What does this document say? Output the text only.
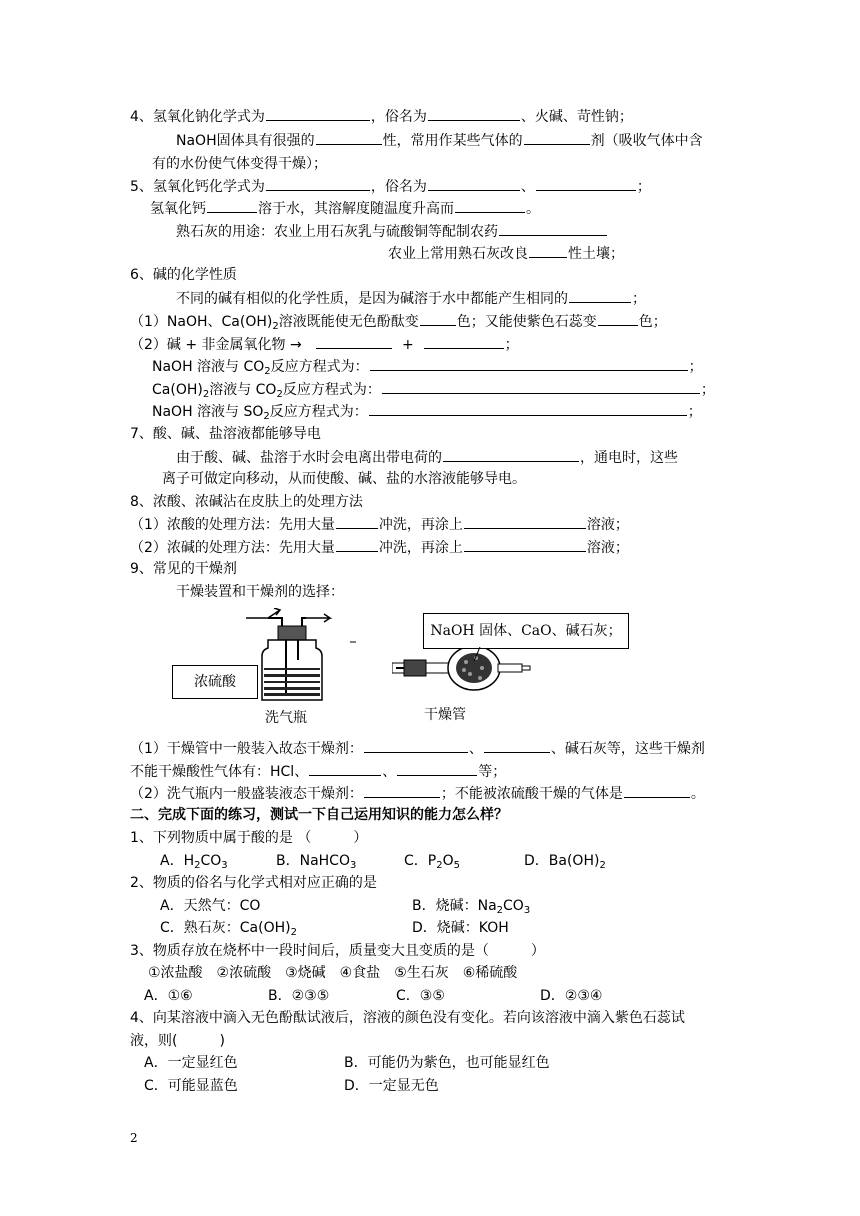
4、氢氧化钠化学式为	，俗名为	、火碱、苛性钠；
NaOH固体具有很强的	性，常用作某些气体的	剂（吸收气体中含
有的水份使气体变得干燥）；
5、氢氧化钙化学式为	，俗名为	、	；
氢氧化钙	溶于水，其溶解度随温度升高而	。
熟石灰的用途：农业上用石灰乳与硫酸铜等配制农药
农业上常用熟石灰改良	性土壤；
6、碱的化学性质
不同的碱有相似的化学性质，是因为碱溶于水中都能产生相同的	；
（1）NaOH、$Ca(OH)_2$溶液既能使无色酚酞变	色；又能使紫色石蕊变	色；
（2）碱 + 非金属氧化物 →	+	；
NaOH 溶液与 $CO_2$反应方程式为：	；
$Ca(OH)_2$溶液与 $CO_2$反应方程式为：	；
NaOH 溶液与 $SO_2$反应方程式为：	；
7、酸、碱、盐溶液都能够导电
由于酸、碱、盐溶于水时会电离出带电荷的	，通电时，这些
离子可做定向移动，从而使酸、碱、盐的水溶液能够导电。
8、浓酸、浓碱沾在皮肤上的处理方法
（1）浓酸的处理方法：先用大量	冲洗，再涂上	溶液；
（2）浓碱的处理方法：先用大量	冲洗，再涂上	溶液；
9、常见的干燥剂
干燥装置和干燥剂的选择：
浓硫酸
NaOH 固体、CaO、碱石灰；
洗气瓶	干燥管
（1）干燥管中一般装入故态干燥剂：	、	、碱石灰等，这些干燥剂
不能干燥酸性气体有：HCl、	、	等；
（2）洗气瓶内一般盛装液态干燥剂：	；不能被浓硫酸干燥的气体是	。
二、完成下面的练习，测试一下自己运用知识的能力怎么样？
1、下列物质中属于酸的是 （　　　）
A．$H_2CO_3$	B．NaHCO$_3$	C．$P_2O_5$	D．$Ba(OH)_2$
2、物质的俗名与化学式相对应正确的是
A．天然气：CO	B．烧碱：$Na_2CO_3$
C．熟石灰：$Ca(OH)_2$	D．烧碱：KOH
3、物质存放在烧杯中一段时间后，质量变大且变质的是（　　　）
①浓盐酸　②浓硫酸　③烧碱　④食盐　⑤生石灰　⑥稀硫酸
A．①⑥	B．②③⑤	C．③⑤	D．②③④
4、向某溶液中滴入无色酚酞试液后，溶液的颜色没有变化。若向该溶液中滴入紫色石蕊试
液，则(　　　)
A．一定显红色	B．可能仍为紫色，也可能显红色
C．可能显蓝色	D．一定显无色
2
